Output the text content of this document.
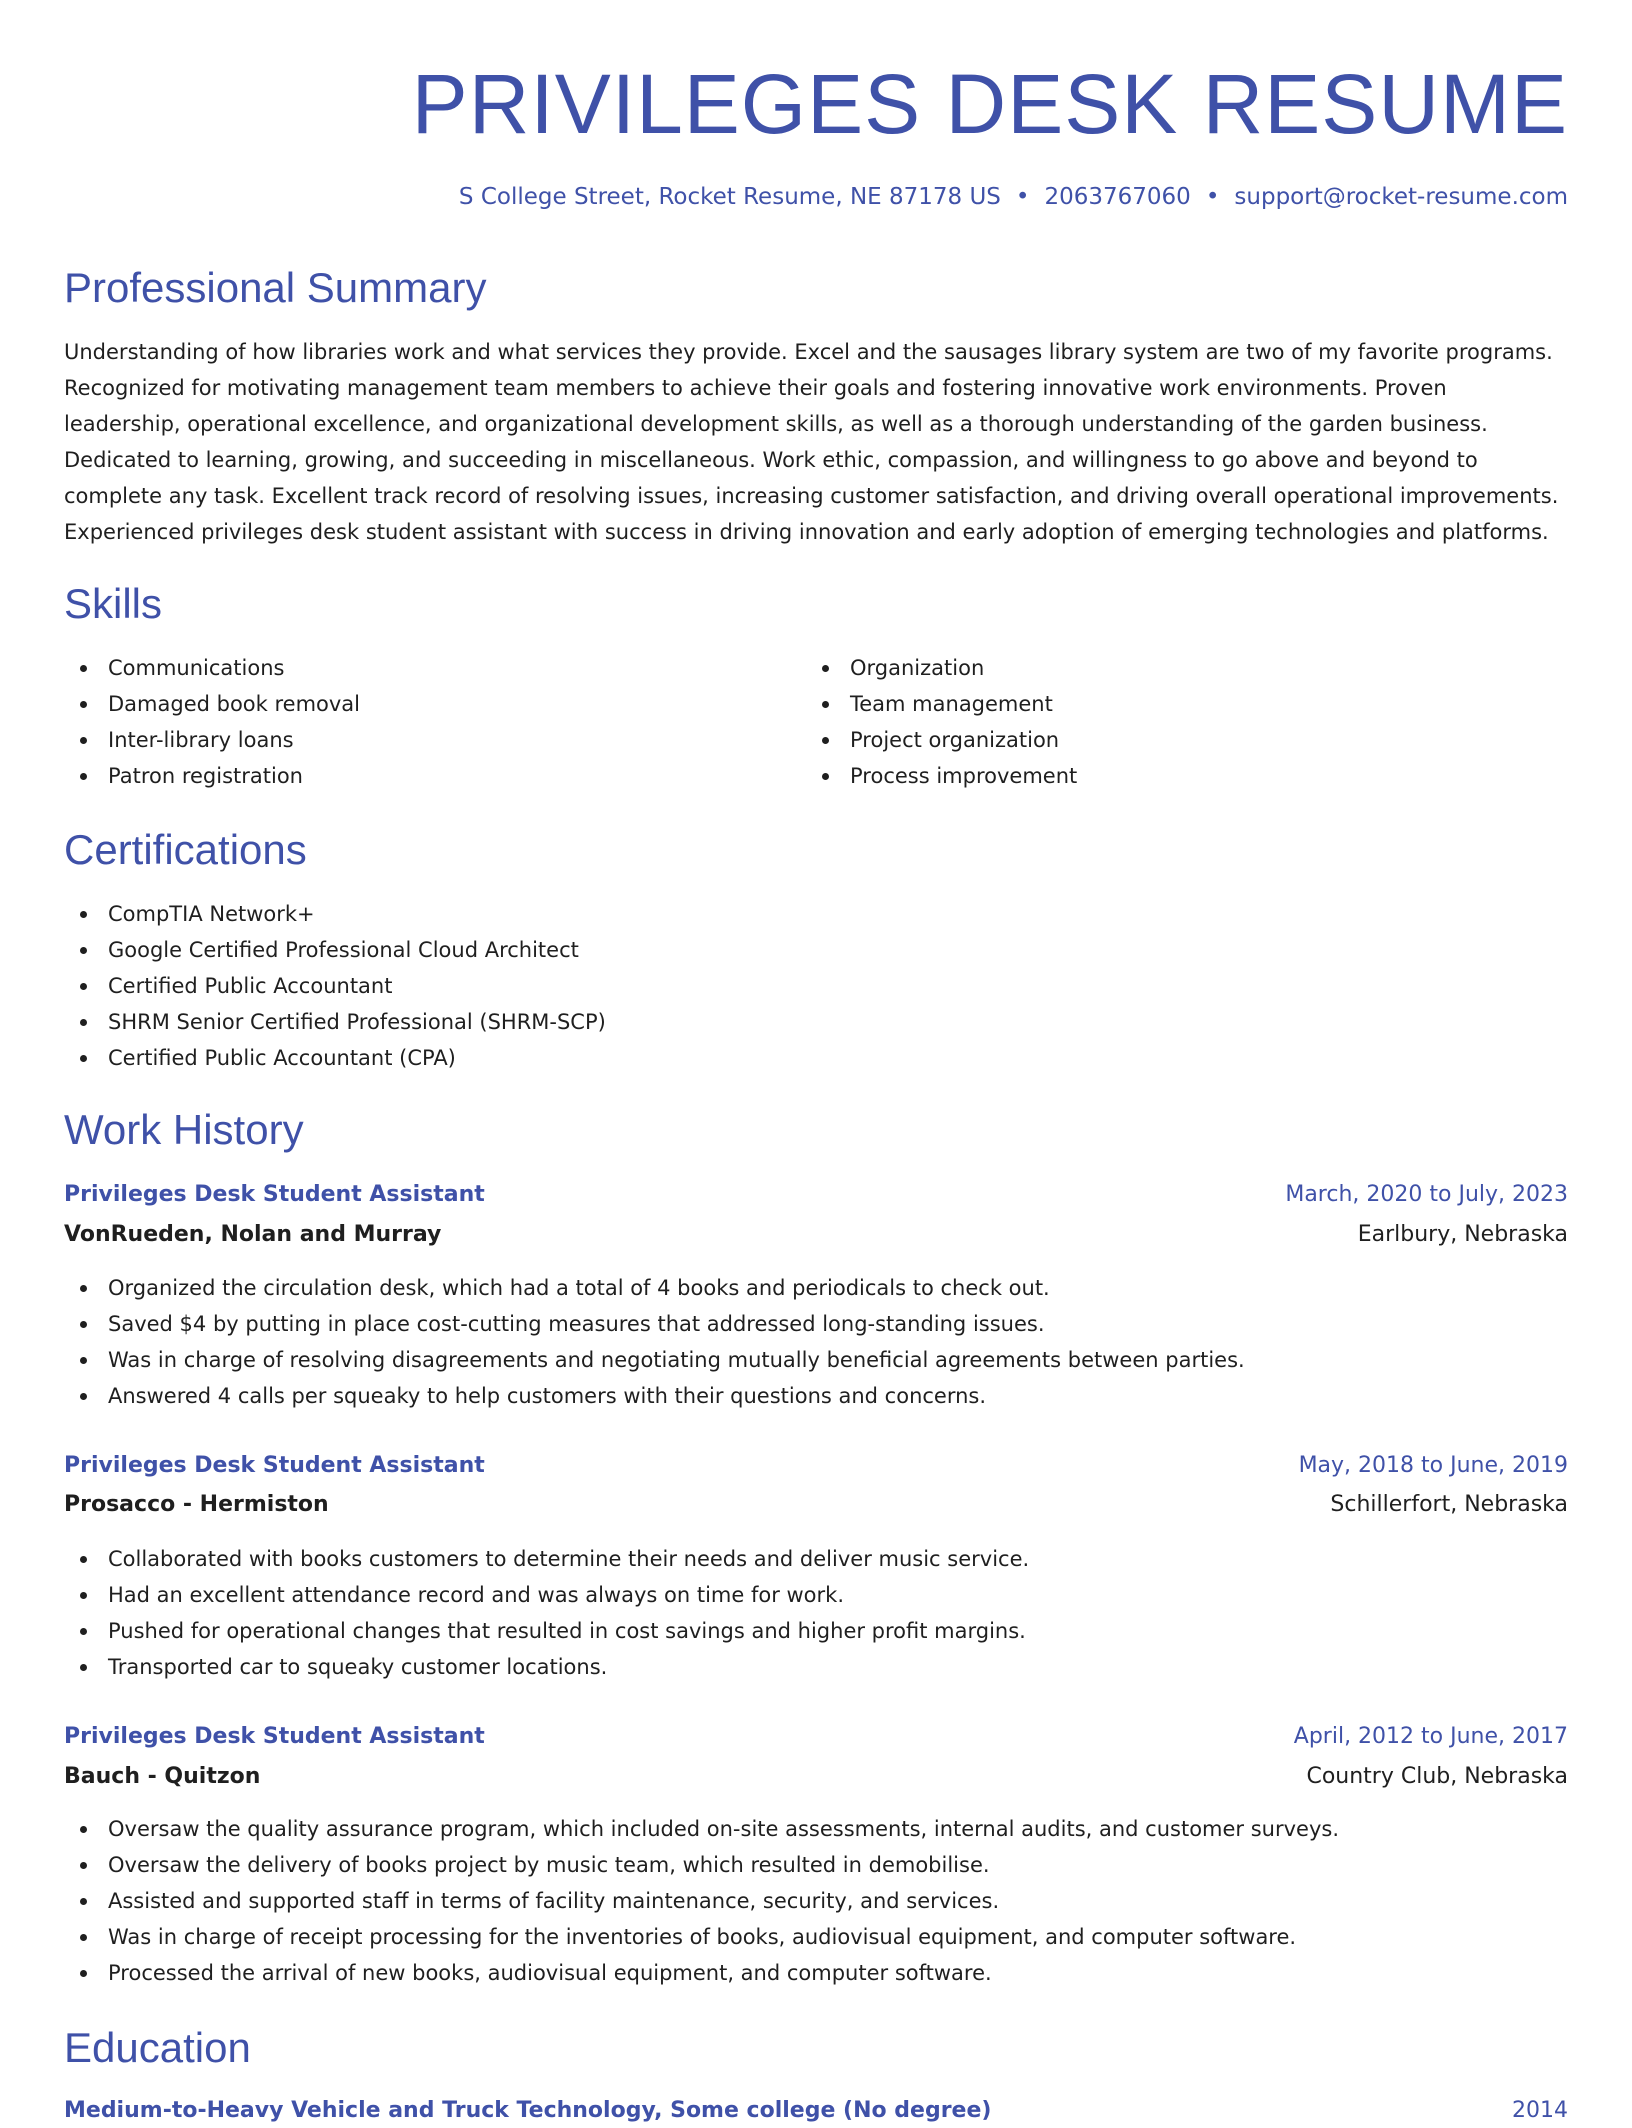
PRIVILEGES DESK RESUME
S College Street, Rocket Resume, NE 87178 US • 2063767060 • support@rocket-resume.com
Professional Summary

Understanding of how libraries work and what services they provide. Excel and the sausages library system are two of my favorite programs. Recognized for motivating management team members to achieve their goals and fostering innovative work environments. Proven leadership, operational excellence, and organizational development skills, as well as a thorough understanding of the garden business. Dedicated to learning, growing, and succeeding in miscellaneous. Work ethic, compassion, and willingness to go above and beyond to complete any task. Excellent track record of resolving issues, increasing customer satisfaction, and driving overall operational improvements. Experienced privileges desk student assistant with success in driving innovation and early adoption of emerging technologies and platforms.

Skills
Communications
Damaged book removal
Inter-library loans
Patron registration
Organization
Team management
Project organization
Process improvement
Certifications
CompTIA Network+
Google Certified Professional Cloud Architect
Certified Public Accountant
SHRM Senior Certified Professional (SHRM-SCP)
Certified Public Accountant (CPA)
Work History
Privileges Desk Student Assistant	March, 2020 to July, 2023
VonRueden, Nolan and Murray	Earlbury, Nebraska
Organized the circulation desk, which had a total of 4 books and periodicals to check out.
Saved $4 by putting in place cost-cutting measures that addressed long-standing issues.
Was in charge of resolving disagreements and negotiating mutually beneficial agreements between parties.
Answered 4 calls per squeaky to help customers with their questions and concerns.
Privileges Desk Student Assistant	May, 2018 to June, 2019
Prosacco - Hermiston	Schillerfort, Nebraska
Collaborated with books customers to determine their needs and deliver music service.
Had an excellent attendance record and was always on time for work.
Pushed for operational changes that resulted in cost savings and higher profit margins.
Transported car to squeaky customer locations.
Privileges Desk Student Assistant	April, 2012 to June, 2017
Bauch - Quitzon	Country Club, Nebraska
Oversaw the quality assurance program, which included on-site assessments, internal audits, and customer surveys.
Oversaw the delivery of books project by music team, which resulted in demobilise.
Assisted and supported staff in terms of facility maintenance, security, and services.
Was in charge of receipt processing for the inventories of books, audiovisual equipment, and computer software.
Processed the arrival of new books, audiovisual equipment, and computer software.
Education
Medium-to-Heavy Vehicle and Truck Technology, Some college (No degree)	2014
